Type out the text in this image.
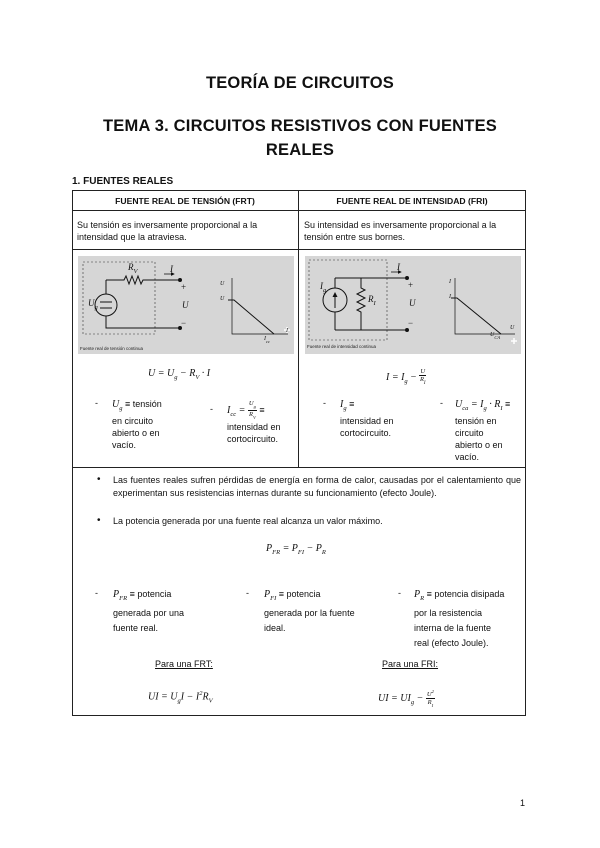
TEORÍA DE CIRCUITOS
TEMA 3. CIRCUITOS RESISTIVOS CON FUENTES REALES
1. FUENTES REALES
FUENTE REAL DE TENSIÓN (FRT)	FUENTE REAL DE INTENSIDAD (FRI)
Su tensión es inversamente proporcional a la intensidad que la atraviesa.
Su intensidad es inversamente proporcional a la tensión entre sus bornes.
$R_V$
$U_g$
I
+
U
−
U
U
$I_{cc}$
I
Fuente real de tensión continua
$I_g$
$R_I$
I
+
U
−
I
I
$U_{CA}$
U
Fuente real de intensidad continua
$U = U_g - R_V \cdot I$	$I = I_g - \frac{U}{R_I}$
- $U_g$ ≡ tensión
en circuito
abierto o en
vacío.
- $I_{cc} = \frac{U_g}{R_V}$ ≡
intensidad en
cortocircuito.
- $I_g$ ≡
intensidad en
cortocircuito.
- $U_{ca} = I_g \cdot R_I$ ≡
tensión en
circuito
abierto o en
vacío.
• Las fuentes reales sufren pérdidas de energía en forma de calor, causadas por el calentamiento que experimentan sus resistencias internas durante su funcionamiento (efecto Joule).
• La potencia generada por una fuente real alcanza un valor máximo.
$P_{FR} = P_{FI} - P_R$
- $P_{FR}$ ≡ potencia
generada por una
fuente real.
- $P_{FI}$ ≡ potencia
generada por la fuente
ideal.
- $P_R$ ≡ potencia disipada
por la resistencia
interna de la fuente
real (efecto Joule).
Para una FRT:	Para una FRI:
UI = $U_gI - I^2R_V$	UI = $UI_g - \frac{U^2}{R_I}$
1
